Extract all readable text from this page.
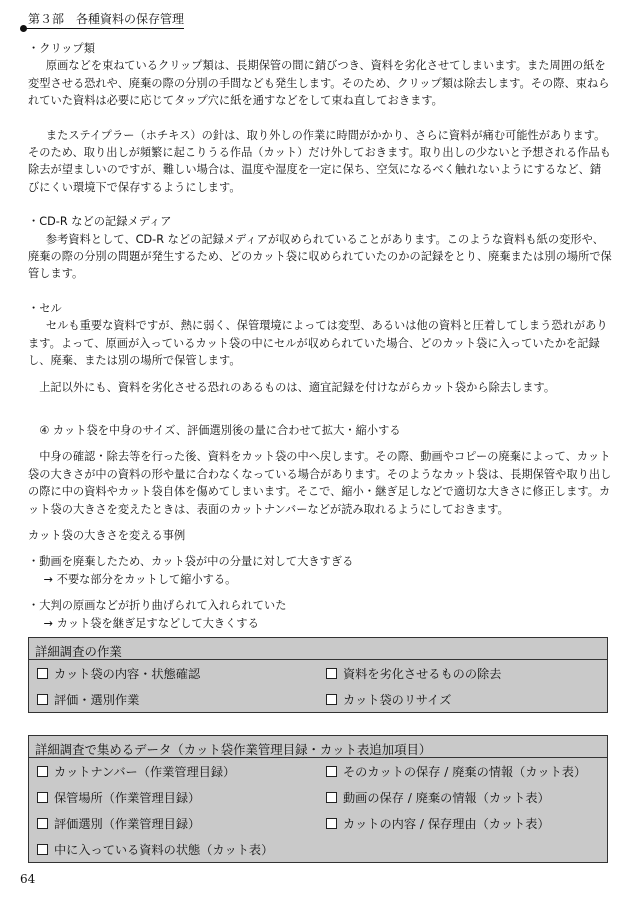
第３部　各種資料の保存管理

・クリップ類

原画などを束ねているクリップ類は、長期保管の間に錆びつき、資料を劣化させてしまいます。また周囲の紙を変型させる恐れや、廃棄の際の分別の手間なども発生します。そのため、クリップ類は除去します。その際、束ねられていた資料は必要に応じてタップ穴に紙を通すなどをして束ね直しておきます。

またステイプラー（ホチキス）の針は、取り外しの作業に時間がかかり、さらに資料が痛む可能性があります。そのため、取り出しが頻繁に起こりうる作品（カット）だけ外しておきます。取り出しの少ないと予想される作品も除去が望ましいのですが、難しい場合は、温度や湿度を一定に保ち、空気になるべく触れないようにするなど、錆びにくい環境下で保存するようにします。

・CD-R などの記録メディア

参考資料として、CD-R などの記録メディアが収められていることがあります。このような資料も紙の変形や、廃棄の際の分別の問題が発生するため、どのカット袋に収められていたのかの記録をとり、廃棄または別の場所で保管します。

・セル

セルも重要な資料ですが、熱に弱く、保管環境によっては変型、あるいは他の資料と圧着してしまう恐れがあります。よって、原画が入っているカット袋の中にセルが収められていた場合、どのカット袋に入っていたかを記録し、廃棄、または別の場所で保管します。

上記以外にも、資料を劣化させる恐れのあるものは、適宜記録を付けながらカット袋から除去します。

④ カット袋を中身のサイズ、評価選別後の量に合わせて拡大・縮小する

中身の確認・除去等を行った後、資料をカット袋の中へ戻します。その際、動画やコピーの廃棄によって、カット袋の大きさが中の資料の形や量に合わなくなっている場合があります。そのようなカット袋は、長期保管や取り出しの際に中の資料やカット袋自体を傷めてしまいます。そこで、縮小・継ぎ足しなどで適切な大きさに修正します。カット袋の大きさを変えたときは、表面のカットナンバーなどが読み取れるようにしておきます。

カット袋の大きさを変える事例

・動画を廃棄したため、カット袋が中の分量に対して大きすぎる

→ 不要な部分をカットして縮小する。

・大判の原画などが折り曲げられて入れられていた

→ カット袋を継ぎ足すなどして大きくする

詳細調査の作業
カット袋の内容・状態確認	資料を劣化させるものの除去
評価・選別作業	カット袋のリサイズ
詳細調査で集めるデータ（カット袋作業管理目録・カット表追加項目）
カットナンバー（作業管理目録）	そのカットの保存 / 廃棄の情報（カット表）
保管場所（作業管理目録）	動画の保存 / 廃棄の情報（カット表）
評価選別（作業管理目録）	カットの内容 / 保存理由（カット表）
中に入っている資料の状態（カット表）
64
